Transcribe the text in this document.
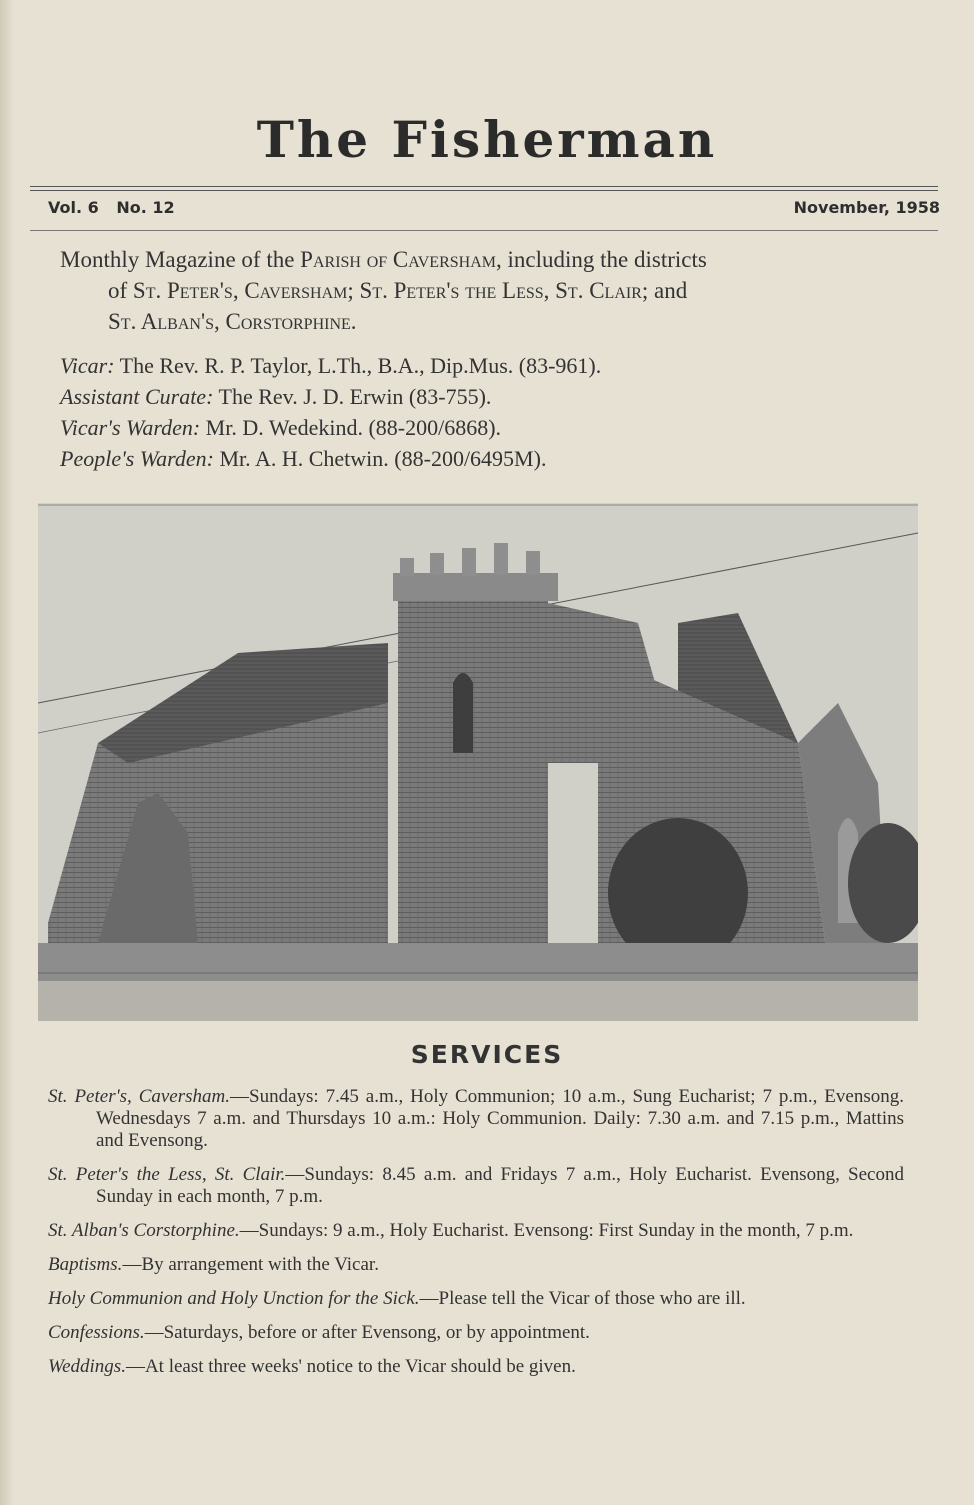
The Fisherman
Vol. 6 No. 12	November, 1958
Monthly Magazine of the Parish of Caversham, including the districts
of St. Peter's, Caversham; St. Peter's the Less, St. Clair; and
St. Alban's, Corstorphine.
Vicar: The Rev. R. P. Taylor, L.Th., B.A., Dip.Mus. (83-961).
Assistant Curate: The Rev. J. D. Erwin (83-755).
Vicar's Warden: Mr. D. Wedekind. (88-200/6868).
People's Warden: Mr. A. H. Chetwin. (88-200/6495M).
SERVICES
St. Peter's, Caversham.—Sundays: 7.45 a.m., Holy Communion; 10 a.m., Sung Eucharist; 7 p.m., Evensong. Wednesdays 7 a.m. and Thursdays 10 a.m.: Holy Communion. Daily: 7.30 a.m. and 7.15 p.m., Mattins and Evensong.
St. Peter's the Less, St. Clair.—Sundays: 8.45 a.m. and Fridays 7 a.m., Holy Eucharist. Evensong, Second Sunday in each month, 7 p.m.
St. Alban's Corstorphine.—Sundays: 9 a.m., Holy Eucharist. Evensong: First Sunday in the month, 7 p.m.
Baptisms.—By arrangement with the Vicar.
Holy Communion and Holy Unction for the Sick.—Please tell the Vicar of those who are ill.
Confessions.—Saturdays, before or after Evensong, or by appointment.
Weddings.—At least three weeks' notice to the Vicar should be given.
